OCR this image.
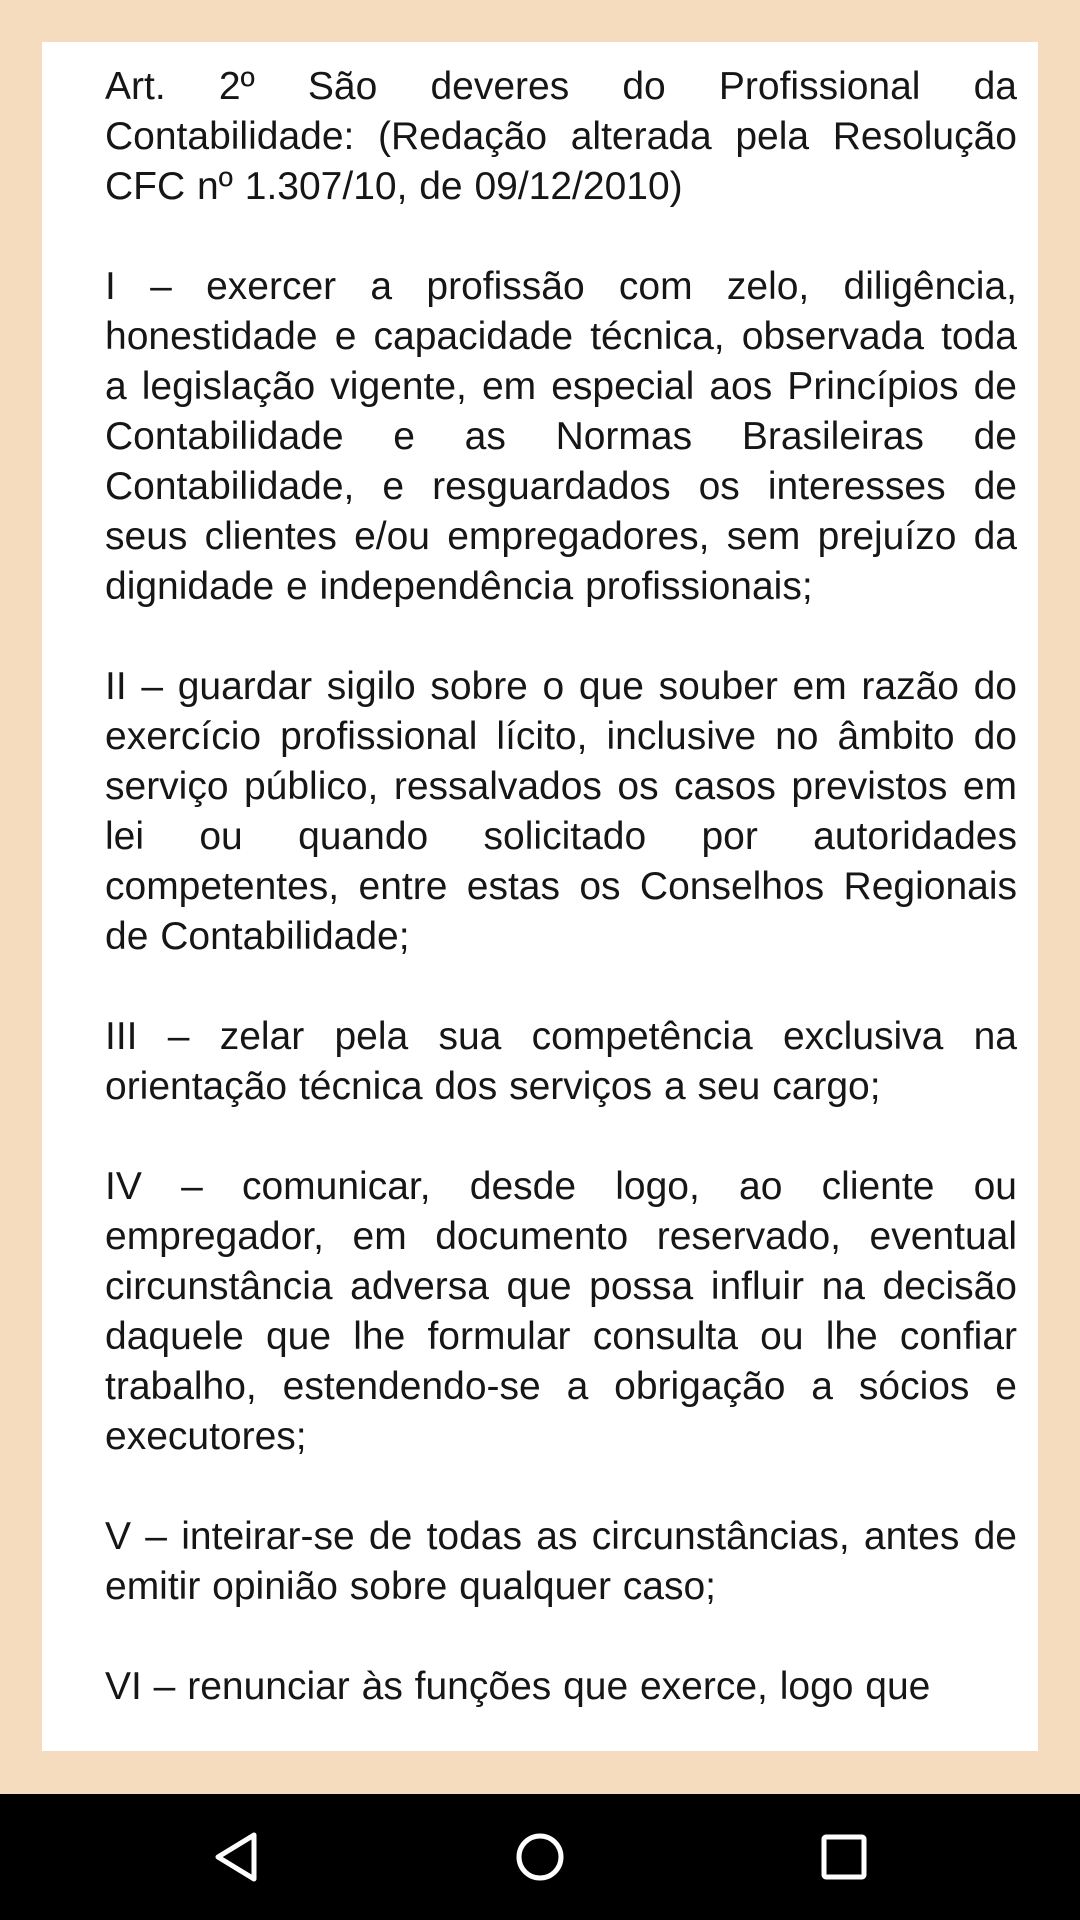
Art. 2º São deveres do Profissional da Contabilidade: (Redação alterada pela Resolução CFC nº 1.307/10, de 09/12/2010)

I – exercer a profissão com zelo, diligência, honestidade e capacidade técnica, observada toda a legislação vigente, em especial aos Princípios de Contabilidade e as Normas Brasileiras de Contabilidade, e resguardados os interesses de seus clientes e/ou empregadores, sem prejuízo da dignidade e independência profissionais;

II – guardar sigilo sobre o que souber em razão do exercício profissional lícito, inclusive no âmbito do serviço público, ressalvados os casos previstos em lei ou quando solicitado por autoridades competentes, entre estas os Conselhos Regionais de Contabilidade;

III – zelar pela sua competência exclusiva na orientação técnica dos serviços a seu cargo;

IV – comunicar, desde logo, ao cliente ou empregador, em documento reservado, eventual circunstância adversa que possa influir na decisão daquele que lhe formular consulta ou lhe confiar trabalho, estendendo-se a obrigação a sócios e executores;

V – inteirar-se de todas as circunstâncias, antes de emitir opinião sobre qualquer caso;

VI – renunciar às funções que exerce, logo que
